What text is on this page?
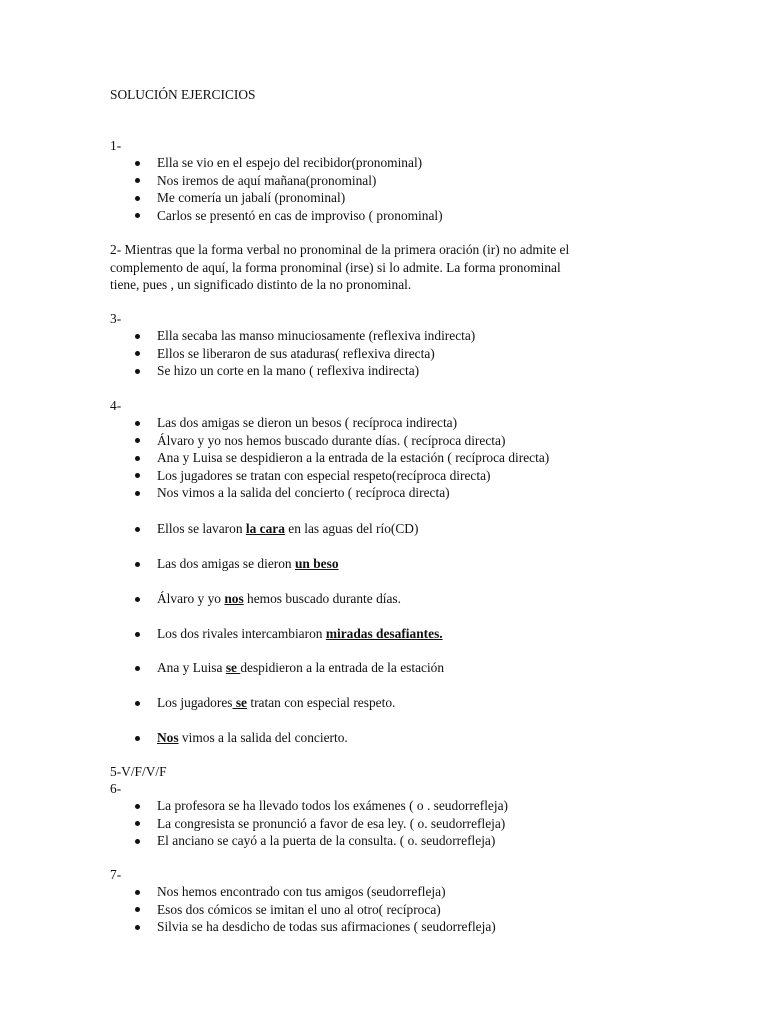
SOLUCIÓN EJERCICIOS

1-

Ella se vio en el espejo del recibidor(pronominal)
Nos iremos de aquí mañana(pronominal)
Me comería un jabalí (pronominal)
Carlos se presentó en cas de improviso ( pronominal)
2- Mientras que la forma verbal no pronominal de la primera oración (ir) no admite el
complemento de aquí, la forma pronominal (irse) si lo admite. La forma pronominal
tiene, pues , un significado distinto de la no pronominal.

3-

Ella secaba las manso minuciosamente (reflexiva indirecta)
Ellos se liberaron de sus ataduras( reflexiva directa)
Se hizo un corte en la mano ( reflexiva indirecta)

4-

Las dos amigas se dieron un besos ( recíproca indirecta)
Álvaro y yo nos hemos buscado durante días. ( recíproca directa)
Ana y Luisa se despidieron a la entrada de la estación ( recíproca directa)
Los jugadores se tratan con especial respeto(recíproca directa)
Nos vimos a la salida del concierto ( recíproca directa)
Ellos se lavaron la cara en las aguas del río(CD)
Las dos amigas se dieron un beso
Álvaro y yo nos hemos buscado durante días.
Los dos rivales intercambiaron miradas desafiantes.
Ana y Luisa se despidieron a la entrada de la estación
Los jugadores se tratan con especial respeto.
Nos vimos a la salida del concierto.

5-V/F/V/F

6-

La profesora se ha llevado todos los exámenes ( o . seudorrefleja)
La congresista se pronunció a favor de esa ley. ( o. seudorrefleja)
El anciano se cayó a la puerta de la consulta. ( o. seudorrefleja)

7-

Nos hemos encontrado con tus amigos (seudorrefleja)
Esos dos cómicos se imitan el uno al otro( recíproca)
Silvia se ha desdicho de todas sus afirmaciones ( seudorrefleja)
